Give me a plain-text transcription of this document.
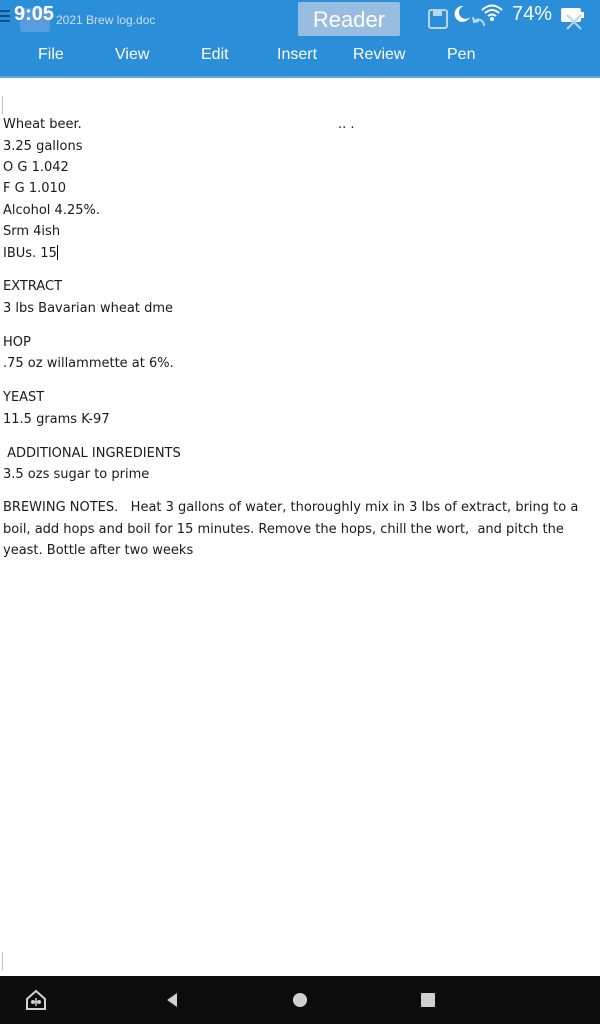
2021 Brew log.doc
9:05	Reader	74%
File	View	Edit	Insert Review	Pen
Wheat beer.	.. .
3.25 gallons
O G 1.042
F G 1.010
Alcohol 4.25%.
Srm 4ish
IBUs. 15
EXTRACT
3 lbs Bavarian wheat dme
HOP
.75 oz willammette at 6%.
YEAST
11.5 grams K-97
ADDITIONAL INGREDIENTS
3.5 ozs sugar to prime
BREWING NOTES.   Heat 3 gallons of water, thoroughly mix in 3 lbs of extract, bring to a boil, add hops and boil for 15 minutes. Remove the hops, chill the wort,  and pitch the yeast. Bottle after two weeks
